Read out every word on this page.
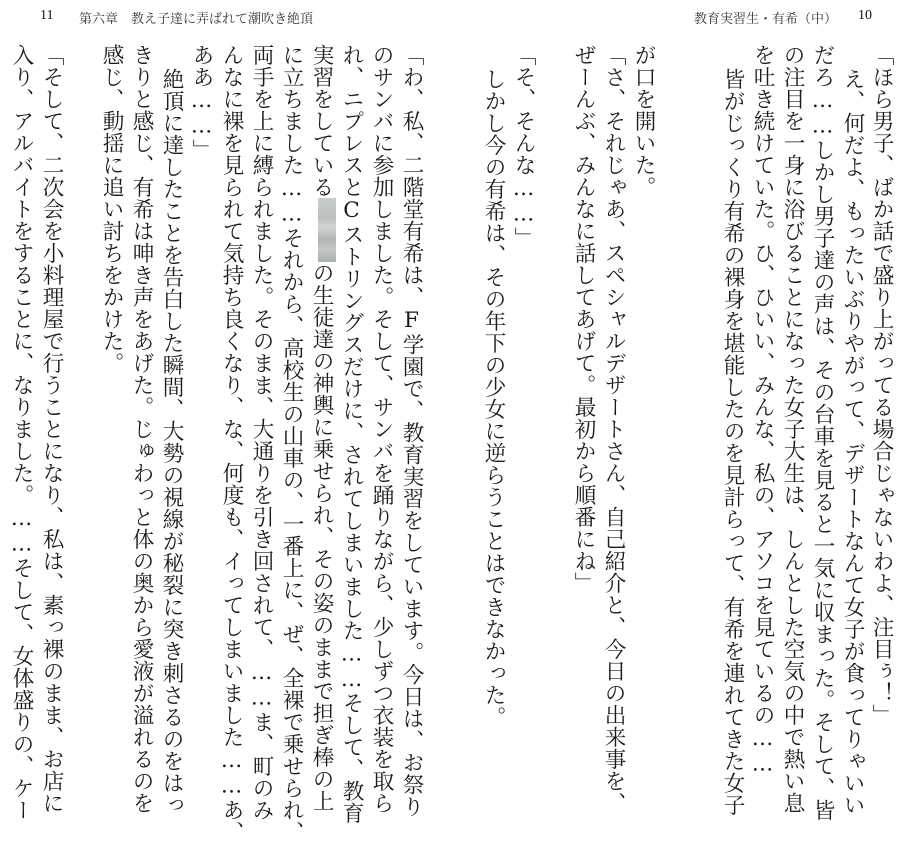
11 第六章　教え子達に弄ばれて潮吹き絶頂	教育実習生・有希（中） 10
「ほら男子、ばか話で盛り上がってる場合じゃないわよ、注目ぅ！」
え、何だよ、もったいぶりやがって、デザートなんて女子が食ってりゃいい
だろ……しかし男子達の声は、その台車を見ると一気に収まった。そして、皆
の注目を一身に浴びることになった女子大生は、しんとした空気の中で熱い息
を吐き続けていた。ひ、ひいい、みんな、私の、アソコを見ているの……
皆がじっくり有希の裸身を堪能したのを見計らって、有希を連れてきた女子
が口を開いた。
「さ、それじゃあ、スペシャルデザートさん、自己紹介と、今日の出来事を、
ぜーんぶ、みんなに話してあげて。最初から順番にね」
「そ、そんな……」
しかし今の有希は、その年下の少女に逆らうことはできなかった。
「わ、私、二階堂有希は、F学園で、教育実習をしています。今日は、お祭り
のサンバに参加しました。そして、サンバを踊りながら、少しずつ衣装を取ら
れ、ニプレスとCストリングスだけに、されてしまいました……そして、教育
実習をしているの生徒達の神輿に乗せられ、その姿のままで担ぎ棒の上
に立ちました……それから、高校生の山車の、一番上に、ぜ、全裸で乗せられ、
両手を上に縛られました。そのまま、大通りを引き回されて、……ま、町のみ
んなに裸を見られて気持ち良くなり、な、何度も、イってしまいました……あ、
ああ……」
絶頂に達したことを告白した瞬間、大勢の視線が秘裂に突き刺さるのをはっ
きりと感じ、有希は呻き声をあげた。じゅわっと体の奥から愛液が溢れるのを
感じ、動揺に追い討ちをかけた。
「そして、二次会を小料理屋で行うことになり、私は、素っ裸のまま、お店に
入り、アルバイトをすることに、なりました。……そして、女体盛りの、ケー
